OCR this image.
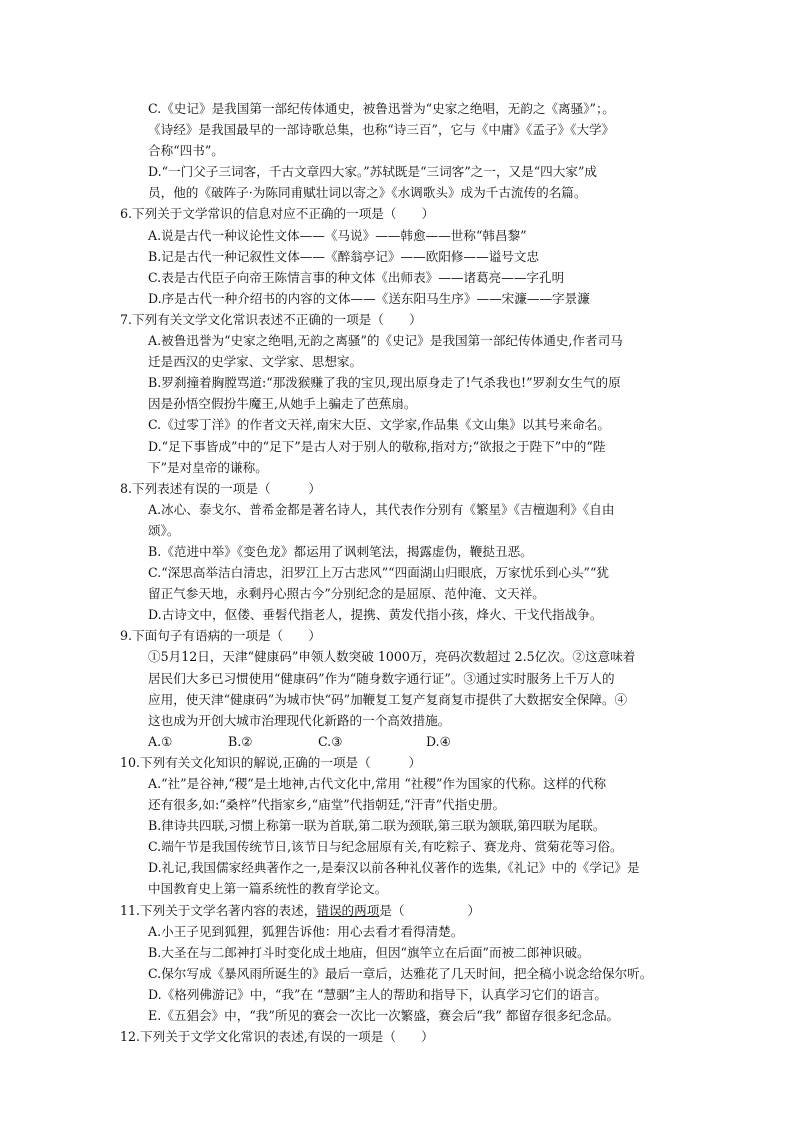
C.《史记》是我国第一部纪传体通史，被鲁迅誉为“史家之绝唱，无韵之《离骚》”；。
《诗经》是我国最早的一部诗歌总集，也称“诗三百”，它与《中庸》《孟子》《大学》
合称“四书”。
D.“一门父子三词客，千古文章四大家。”苏轼既是“三词客”之一，又是“四大家”成
员，他的《破阵子·为陈同甫赋壮词以寄之》《水调歌头》成为千古流传的名篇。
6.下列关于文学常识的信息对应不正确的一项是（　　）
A.说是古代一种议论性文体——《马说》——韩愈——世称“韩昌黎”
B.记是古代一种记叙性文体——《醉翁亭记》——欧阳修——谥号文忠
C.表是古代臣子向帝王陈情言事的种文体《出师表》——诸葛亮——字孔明
D.序是古代一种介绍书的内容的文体——《送东阳马生序》——宋濂——字景濂
7.下列有关文学文化常识表述不正确的一项是（　　）
A.被鲁迅誉为“史家之绝唱,无韵之离骚”的《史记》是我国第一部纪传体通史,作者司马
迁是西汉的史学家、文学家、思想家。
B.罗刹撞着胸膛骂道:“那泼猴赚了我的宝贝,现出原身走了!气杀我也!”罗刹女生气的原
因是孙悟空假扮牛魔王,从她手上骗走了芭蕉扇。
C.《过零丁洋》的作者文天祥,南宋大臣、文学家,作品集《文山集》以其号来命名。
D.“足下事皆成”中的“足下”是古人对于别人的敬称,指对方;“欲报之于陛下”中的“陛
下”是对皇帝的谦称。
8.下列表述有误的一项是（　　　）
A.冰心、泰戈尔、普希金都是著名诗人，其代表作分别有《繁星》《吉檀迦利》《自由
颂》。
B.《范进中举》《变色龙》都运用了讽刺笔法，揭露虚伪，鞭挞丑恶。
C.“深思高举洁白清忠，汨罗江上万古悲风”“四面湖山归眼底，万家忧乐到心头”“犹
留正气参天地，永剩丹心照古今”分别纪念的是屈原、范仲淹、文天祥。
D.古诗文中，伛偻、垂髫代指老人，提携、黄发代指小孩，烽火、干戈代指战争。
9.下面句子有语病的一项是（　　）
①5月12日，天津“健康码”申领人数突破 1000万，亮码次数超过 2.5亿次。②这意味着
居民们大多已习惯使用“健康码”作为“随身数字通行证”。③通过实时服务上千万人的
应用，使天津“健康码”为城市快“码”加鞭复工复产复商复市提供了大数据安全保障。④
这也成为开创大城市治理现代化新路的一个高效措施。
A.①	B.②	C.③	D.④
10.下列有关文化知识的解说,正确的一项是（　　　）
A.“社”是谷神,“稷”是土地神,古代文化中,常用 “社稷”作为国家的代称。这样的代称
还有很多,如:“桑梓”代指家乡,“庙堂”代指朝廷,“汗青”代指史册。
B.律诗共四联,习惯上称第一联为首联,第二联为颈联,第三联为颔联,第四联为尾联。
C.端午节是我国传统节日,该节日与纪念屈原有关,有吃粽子、赛龙舟、赏菊花等习俗。
D.礼记,我国儒家经典著作之一,是秦汉以前各种礼仪著作的选集,《礼记》中的《学记》是
中国教育史上第一篇系统性的教育学论文。
11.下列关于文学名著内容的表述，错误的两项是（　　　　　）
A.小王子见到狐狸，狐狸告诉他：用心去看才看得清楚。
B.大圣在与二郎神打斗时变化成土地庙，但因“旗竿立在后面”而被二郎神识破。
C.保尔写成《暴风雨所诞生的》最后一章后，达雅花了几天时间，把全稿小说念给保尔听。
D.《格列佛游记》中，“我”在 “慧骃”主人的帮助和指导下，认真学习它们的语言。
E.《五猖会》中，“我”所见的赛会一次比一次繁盛，赛会后“我” 都留存很多纪念品。
12.下列关于文学文化常识的表述,有误的一项是（　　）
